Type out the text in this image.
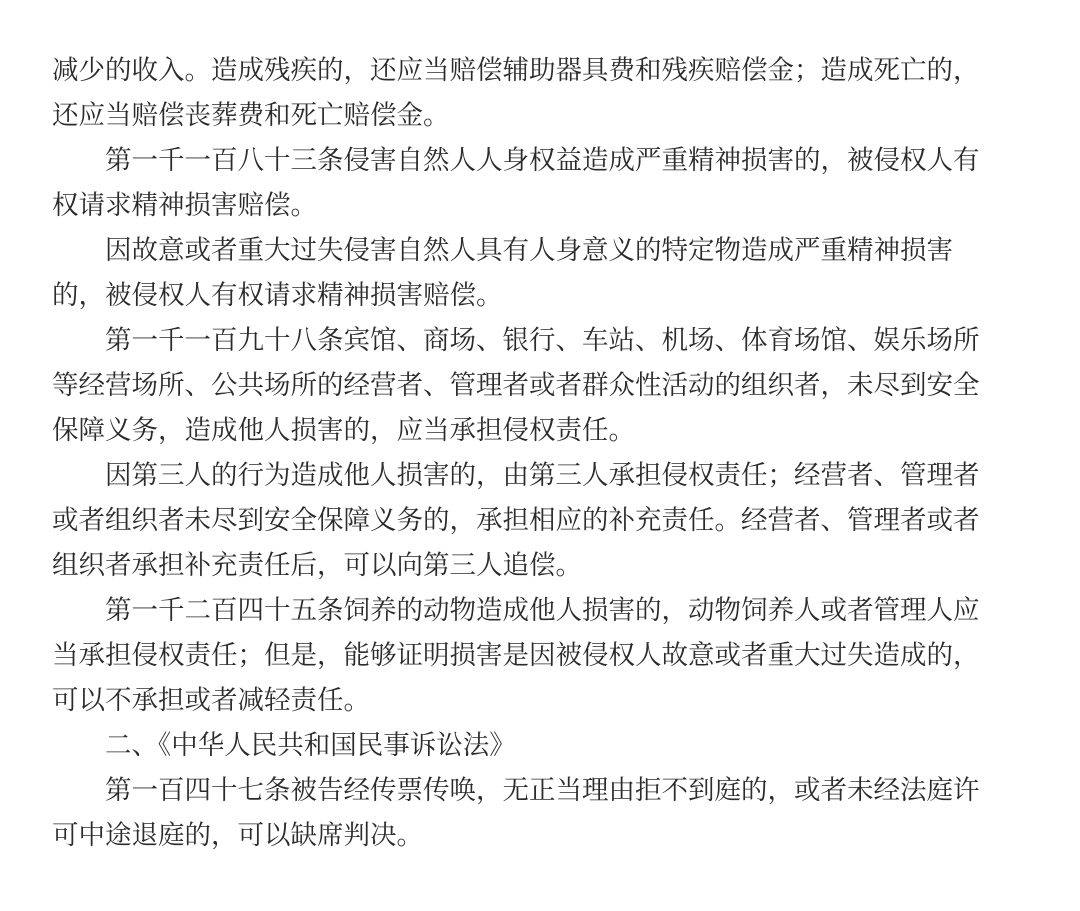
减少的收入。造成残疾的，还应当赔偿辅助器具费和残疾赔偿金；造成死亡的，
还应当赔偿丧葬费和死亡赔偿金。
第一千一百八十三条侵害自然人人身权益造成严重精神损害的，被侵权人有
权请求精神损害赔偿。
因故意或者重大过失侵害自然人具有人身意义的特定物造成严重精神损害
的，被侵权人有权请求精神损害赔偿。
第一千一百九十八条宾馆、商场、银行、车站、机场、体育场馆、娱乐场所
等经营场所、公共场所的经营者、管理者或者群众性活动的组织者，未尽到安全
保障义务，造成他人损害的，应当承担侵权责任。
因第三人的行为造成他人损害的，由第三人承担侵权责任；经营者、管理者
或者组织者未尽到安全保障义务的，承担相应的补充责任。经营者、管理者或者
组织者承担补充责任后，可以向第三人追偿。
第一千二百四十五条饲养的动物造成他人损害的，动物饲养人或者管理人应
当承担侵权责任；但是，能够证明损害是因被侵权人故意或者重大过失造成的，
可以不承担或者减轻责任。
二、《中华人民共和国民事诉讼法》
第一百四十七条被告经传票传唤，无正当理由拒不到庭的，或者未经法庭许
可中途退庭的，可以缺席判决。
